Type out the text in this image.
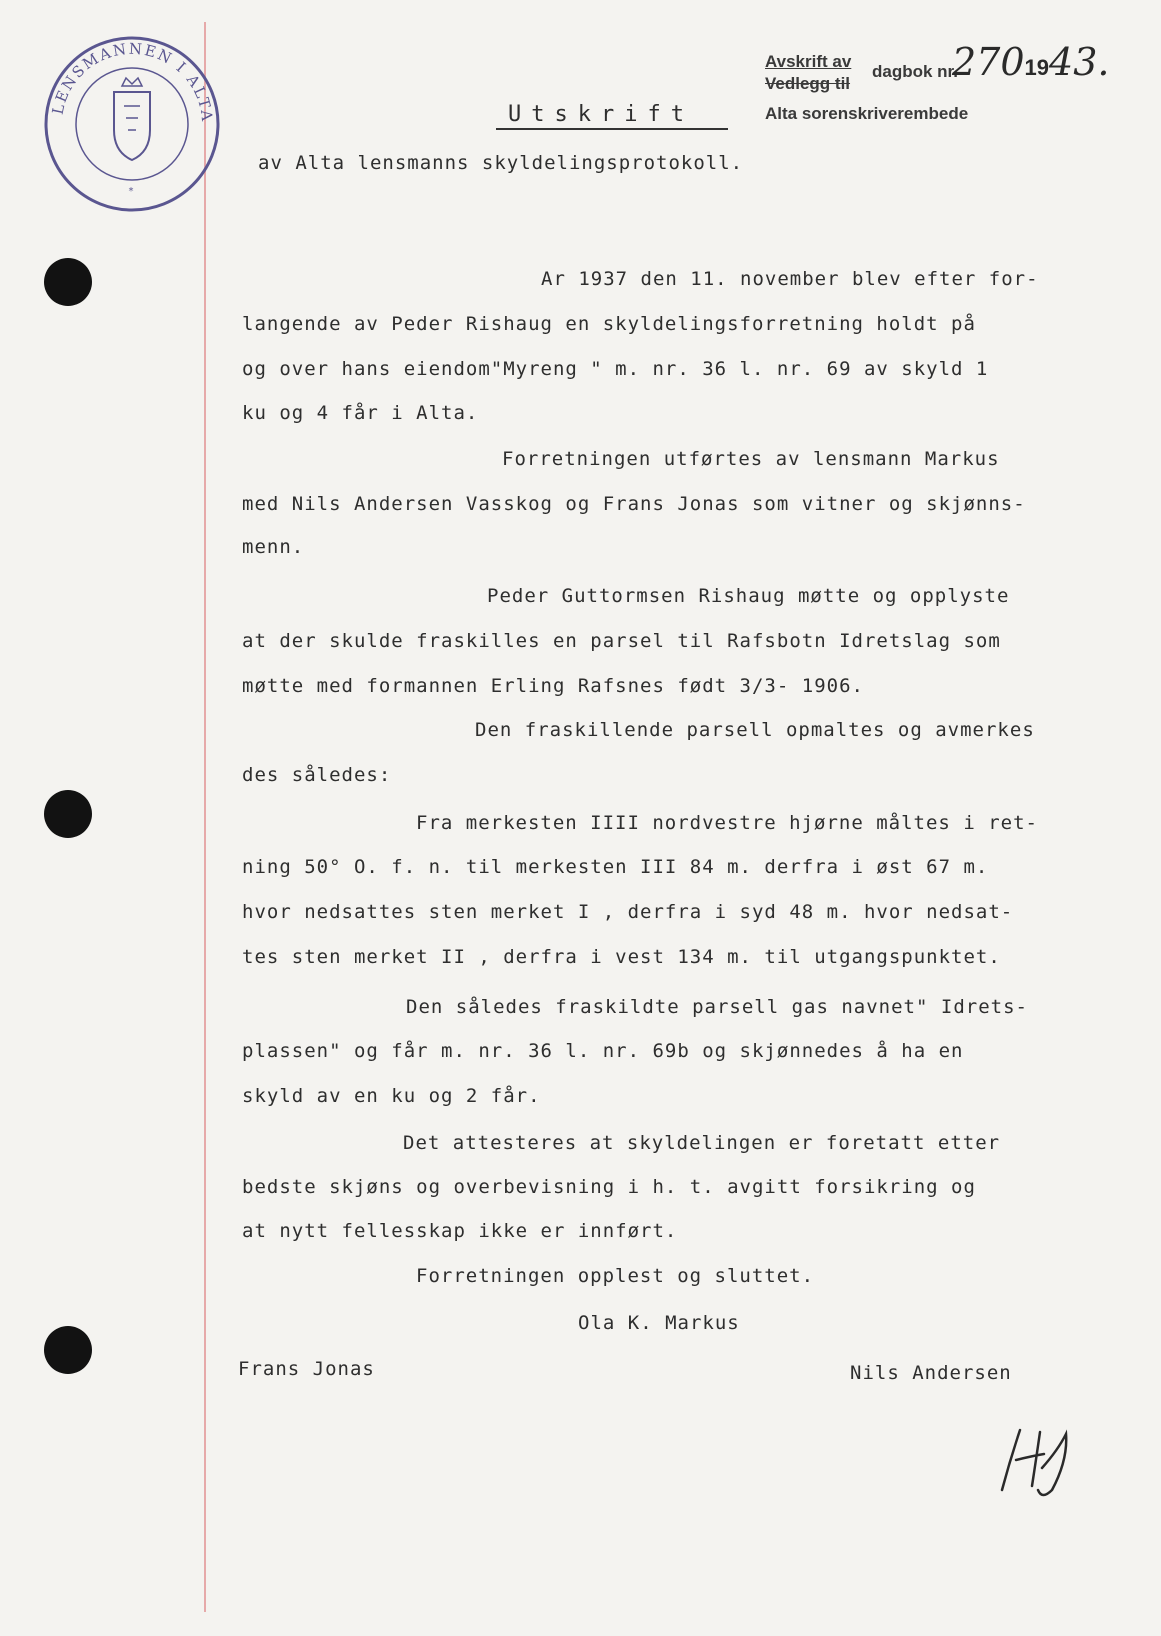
LENSMANNEN I ALTA
*
Avskrift av
Vedlegg til
dagbok nr.
2701943.
Alta sorenskriverembede
Utskrift
av Alta lensmanns skyldelingsprotokoll.
Ar 1937 den 11. november blev efter for-
langende av Peder Rishaug en skyldelingsforretning holdt på
og over hans eiendom"Myreng " m. nr. 36 l. nr. 69 av skyld 1
ku og 4 får i Alta.
Forretningen utførtes av lensmann Markus
med Nils Andersen Vasskog og Frans Jonas som vitner og skjønns-
menn.
Peder Guttormsen Rishaug møtte og opplyste
at der skulde fraskilles en parsel til Rafsbotn Idretslag som
møtte med formannen Erling Rafsnes født 3/3- 1906.
Den fraskillende parsell opmaltes og avmerkes
des således:
Fra merkesten IIII nordvestre hjørne måltes i ret-
ning 50° O. f. n. til merkesten III 84 m. derfra i øst 67 m.
hvor nedsattes sten merket I , derfra i syd 48 m. hvor nedsat-
tes sten merket II , derfra i vest 134 m. til utgangspunktet.
Den således fraskildte parsell gas navnet" Idrets-
plassen" og får m. nr. 36 l. nr. 69b og skjønnedes å ha en
skyld av en ku og 2 får.
Det attesteres at skyldelingen er foretatt etter
bedste skjøns og overbevisning i h. t. avgitt forsikring og
at nytt fellesskap ikke er innført.
Forretningen opplest og sluttet.
Ola K. Markus
Frans Jonas	Nils Andersen
